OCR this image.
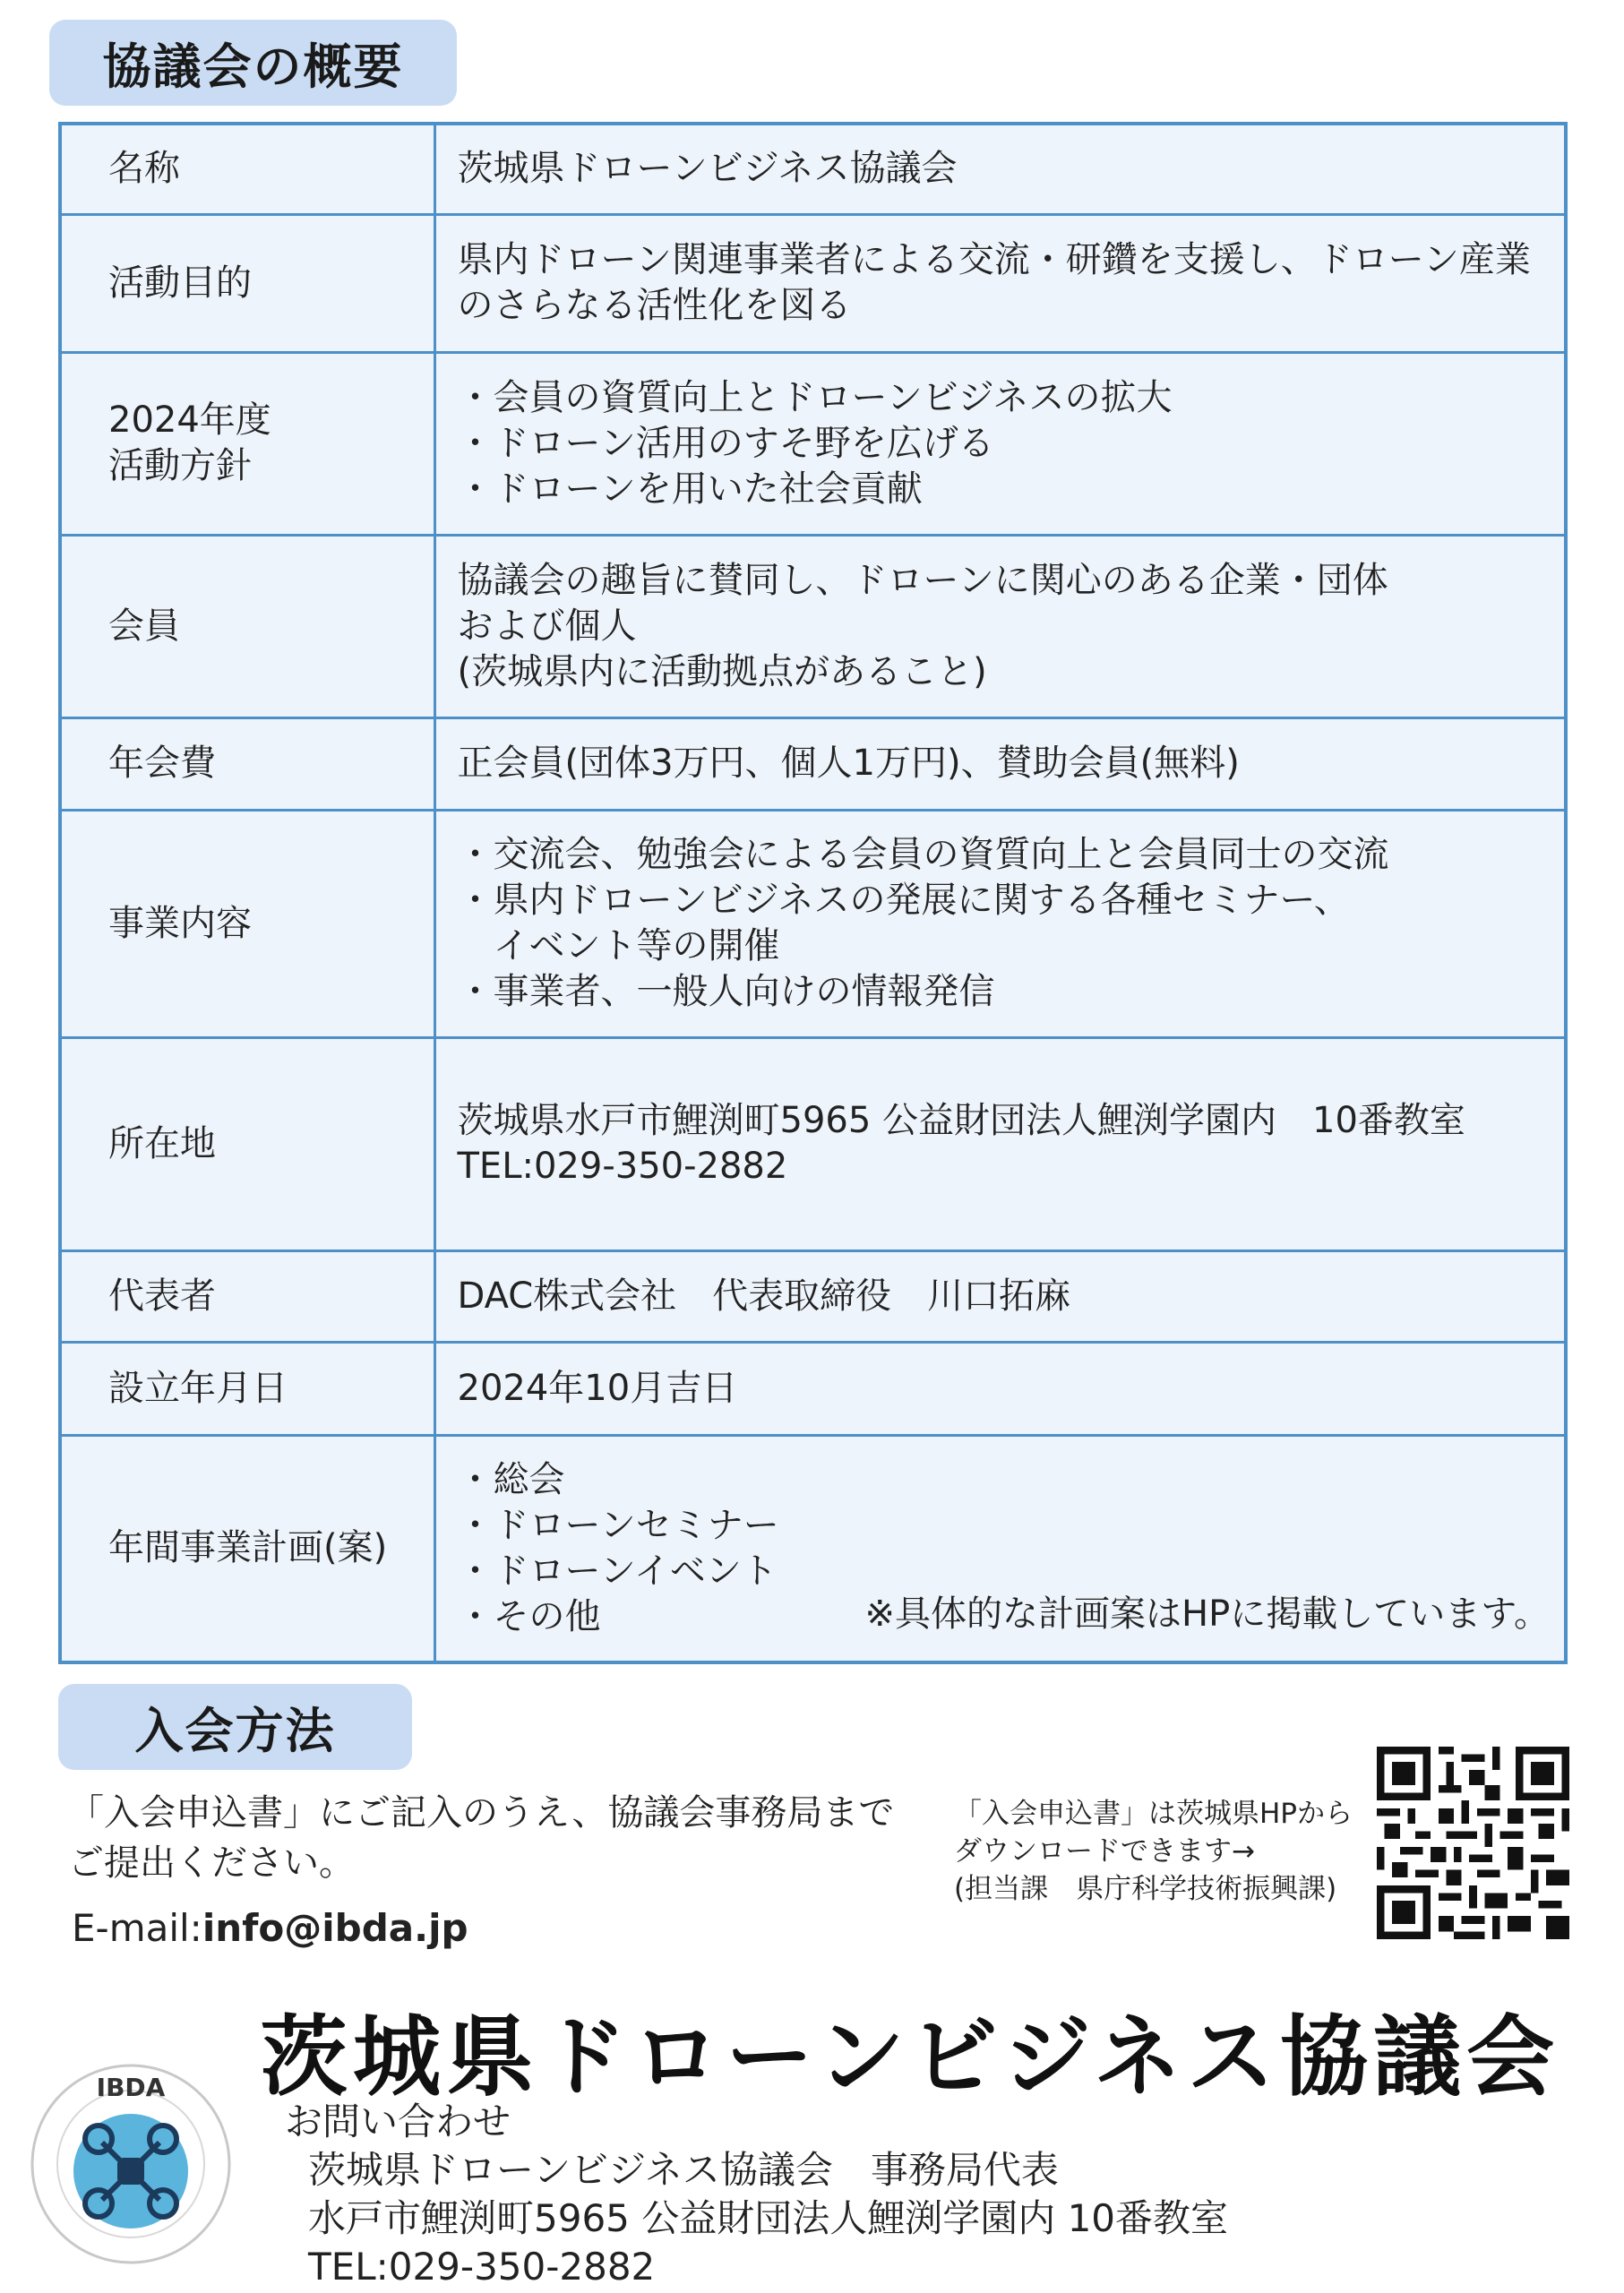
協議会の概要
名称	茨城県ドローンビジネス協議会

活動目的	県内ドローン関連事業者による交流・研鑽を支援し、ドローン産業
のさらなる活性化を図る

2024年度
活動方針	・会員の資質向上とドローンビジネスの拡大
・ドローン活用のすそ野を広げる
・ドローンを用いた社会貢献

会員	協議会の趣旨に賛同し、ドローンに関心のある企業・団体
および個人
(茨城県内に活動拠点があること)

年会費	正会員(団体3万円、個人1万円)、賛助会員(無料)

事業内容	・交流会、勉強会による会員の資質向上と会員同士の交流
・県内ドローンビジネスの発展に関する各種セミナー、
　イベント等の開催
・事業者、一般人向けの情報発信

所在地	茨城県水戸市鯉渕町5965 公益財団法人鯉渕学園内　10番教室
TEL:029-350-2882

代表者	DAC株式会社　代表取締役　川口拓麻

設立年月日	2024年10月吉日

年間事業計画(案)	・総会
・ドローンセミナー
・ドローンイベント
・その他 ※具体的な計画案はHPに掲載しています。
入会方法
「入会申込書」にご記入のうえ、協議会事務局まで
ご提出ください。
E-mail:info@ibda.jp
「入会申込書」は茨城県HPから
ダウンロードできます→
(担当課　県庁科学技術振興課)
茨城県ドローンビジネス協議会
IBDA
お問い合わせ
茨城県ドローンビジネス協議会　事務局代表
水戸市鯉渕町5965 公益財団法人鯉渕学園内 10番教室
TEL:029-350-2882
